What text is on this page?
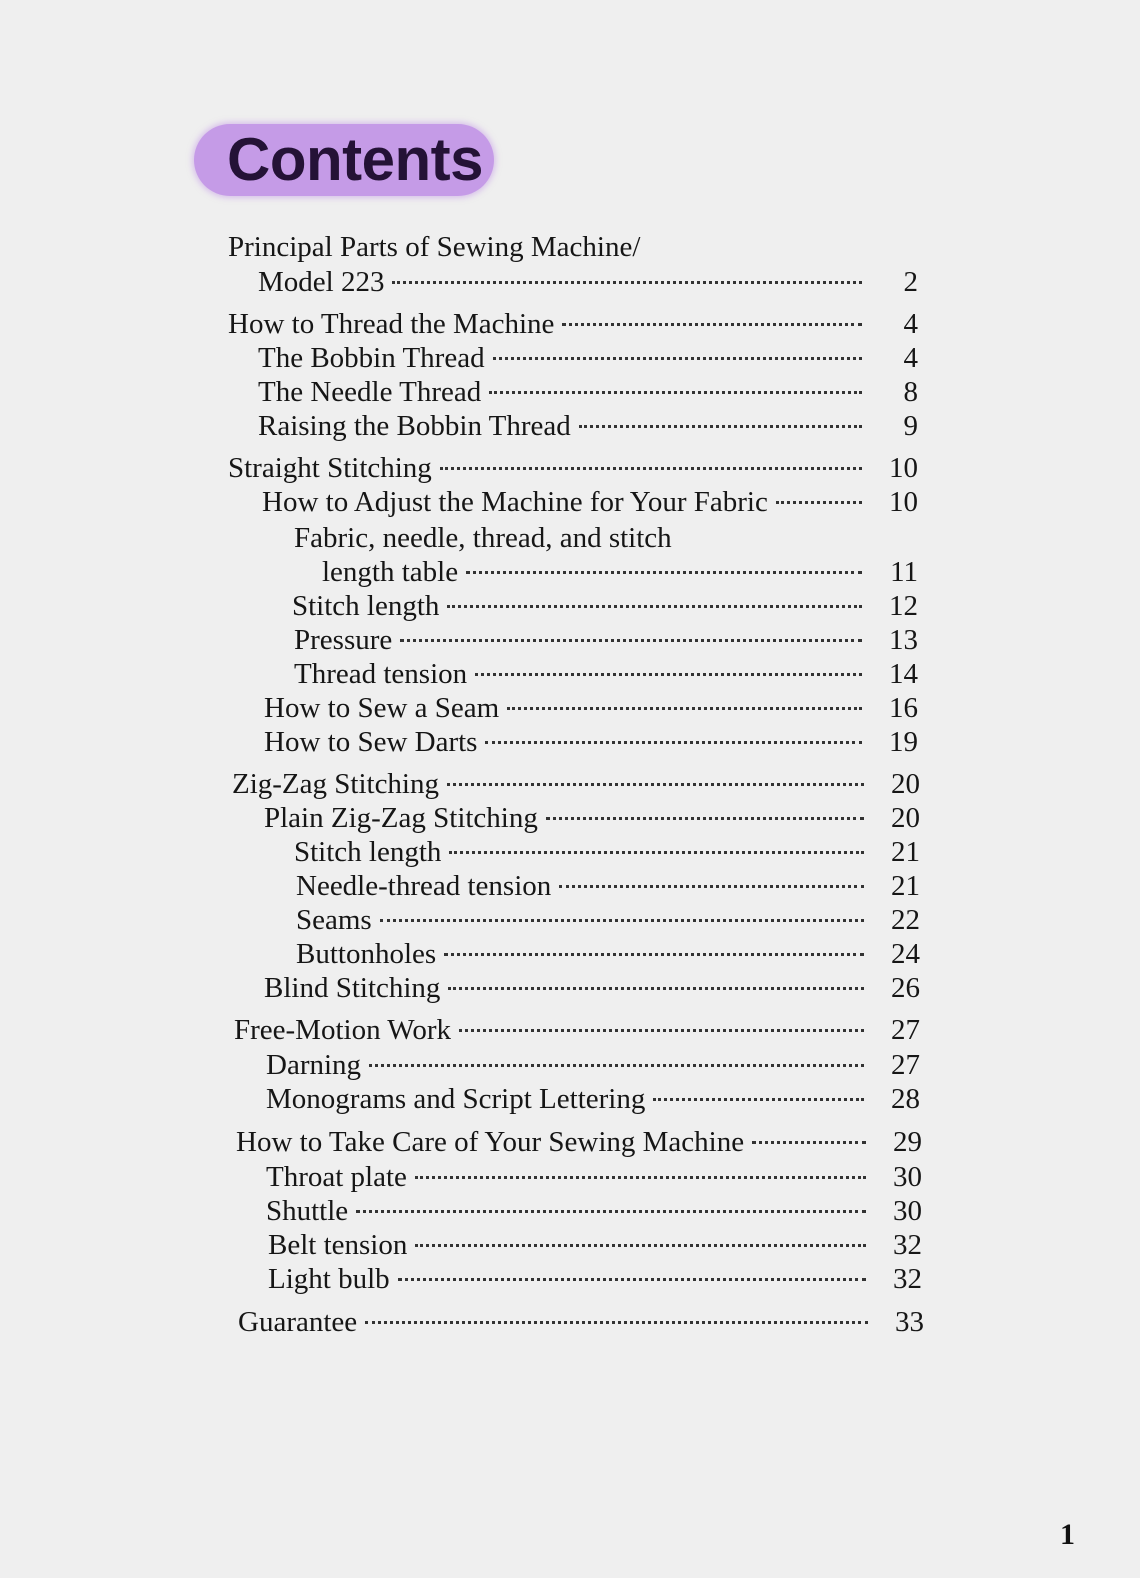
Contents
Principal Parts of Sewing Machine/
Model 223	2
How to Thread the Machine	4
The Bobbin Thread	4
The Needle Thread	8
Raising the Bobbin Thread	9
Straight Stitching	10
How to Adjust the Machine for Your Fabric	10
Fabric, needle, thread, and stitch
length table	11
Stitch length	12
Pressure	13
Thread tension	14
How to Sew a Seam	16
How to Sew Darts	19
Zig-Zag Stitching	20
Plain Zig-Zag Stitching	20
Stitch length	21
Needle-thread tension	21
Seams	22
Buttonholes	24
Blind Stitching	26
Free-Motion Work	27
Darning	27
Monograms and Script Lettering	28
How to Take Care of Your Sewing Machine	29
Throat plate	30
Shuttle	30
Belt tension	32
Light bulb	32
Guarantee	33
1
